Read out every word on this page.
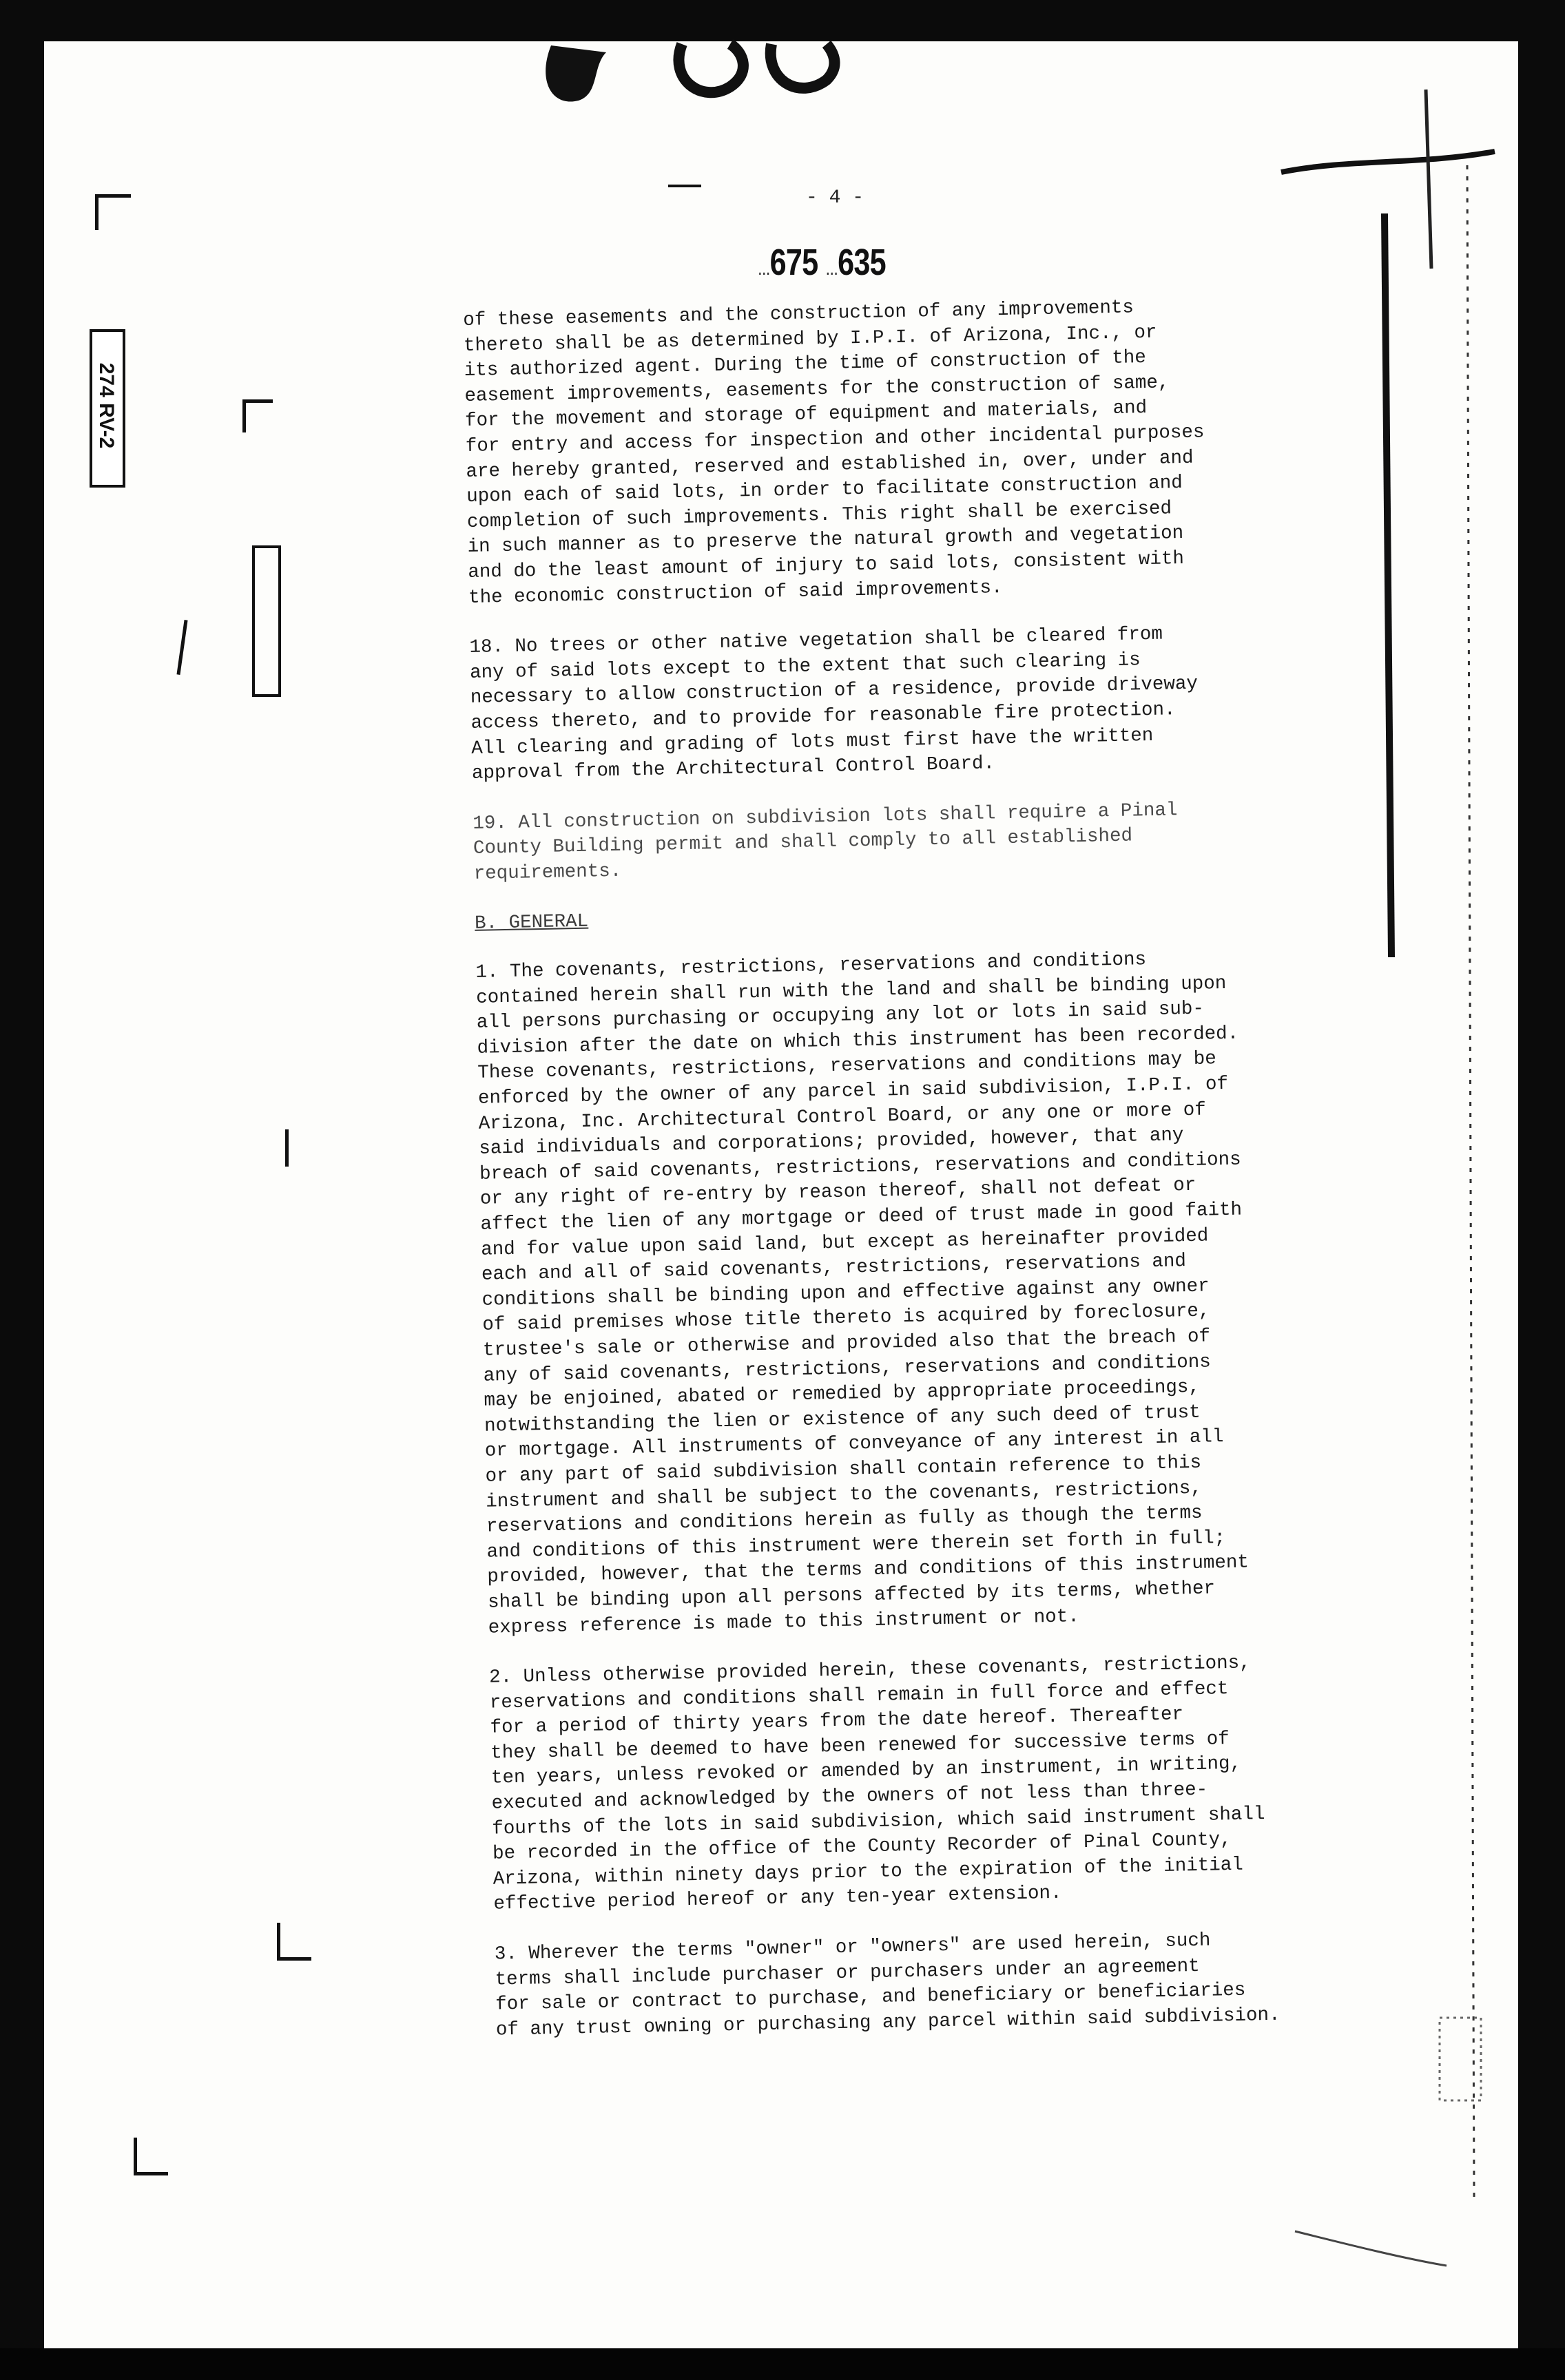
274 RV-2
- 4 -
...675 ...635

of these easements and the construction of any improvements
thereto shall be as determined by I.P.I. of Arizona, Inc., or
its authorized agent. During the time of construction of the
easement improvements, easements for the construction of same,
for the movement and storage of equipment and materials, and
for entry and access for inspection and other incidental purposes
are hereby granted, reserved and established in, over, under and
upon each of said lots, in order to facilitate construction and
completion of such improvements. This right shall be exercised
in such manner as to preserve the natural growth and vegetation
and do the least amount of injury to said lots, consistent with
the economic construction of said improvements.

18. No trees or other native vegetation shall be cleared from
any of said lots except to the extent that such clearing is
necessary to allow construction of a residence, provide driveway
access thereto, and to provide for reasonable fire protection.
All clearing and grading of lots must first have the written
approval from the Architectural Control Board.

19. All construction on subdivision lots shall require a Pinal
County Building permit and shall comply to all established
requirements.

B. GENERAL

1. The covenants, restrictions, reservations and conditions
contained herein shall run with the land and shall be binding upon
all persons purchasing or occupying any lot or lots in said sub-
division after the date on which this instrument has been recorded.
These covenants, restrictions, reservations and conditions may be
enforced by the owner of any parcel in said subdivision, I.P.I. of
Arizona, Inc. Architectural Control Board, or any one or more of
said individuals and corporations; provided, however, that any
breach of said covenants, restrictions, reservations and conditions
or any right of re-entry by reason thereof, shall not defeat or
affect the lien of any mortgage or deed of trust made in good faith
and for value upon said land, but except as hereinafter provided
each and all of said covenants, restrictions, reservations and
conditions shall be binding upon and effective against any owner
of said premises whose title thereto is acquired by foreclosure,
trustee's sale or otherwise and provided also that the breach of
any of said covenants, restrictions, reservations and conditions
may be enjoined, abated or remedied by appropriate proceedings,
notwithstanding the lien or existence of any such deed of trust
or mortgage. All instruments of conveyance of any interest in all
or any part of said subdivision shall contain reference to this
instrument and shall be subject to the covenants, restrictions,
reservations and conditions herein as fully as though the terms
and conditions of this instrument were therein set forth in full;
provided, however, that the terms and conditions of this instrument
shall be binding upon all persons affected by its terms, whether
express reference is made to this instrument or not.

2. Unless otherwise provided herein, these covenants, restrictions,
reservations and conditions shall remain in full force and effect
for a period of thirty years from the date hereof. Thereafter
they shall be deemed to have been renewed for successive terms of
ten years, unless revoked or amended by an instrument, in writing,
executed and acknowledged by the owners of not less than three-
fourths of the lots in said subdivision, which said instrument shall
be recorded in the office of the County Recorder of Pinal County,
Arizona, within ninety days prior to the expiration of the initial
effective period hereof or any ten-year extension.

3. Wherever the terms "owner" or "owners" are used herein, such
terms shall include purchaser or purchasers under an agreement
for sale or contract to purchase, and beneficiary or beneficiaries
of any trust owning or purchasing any parcel within said subdivision.
